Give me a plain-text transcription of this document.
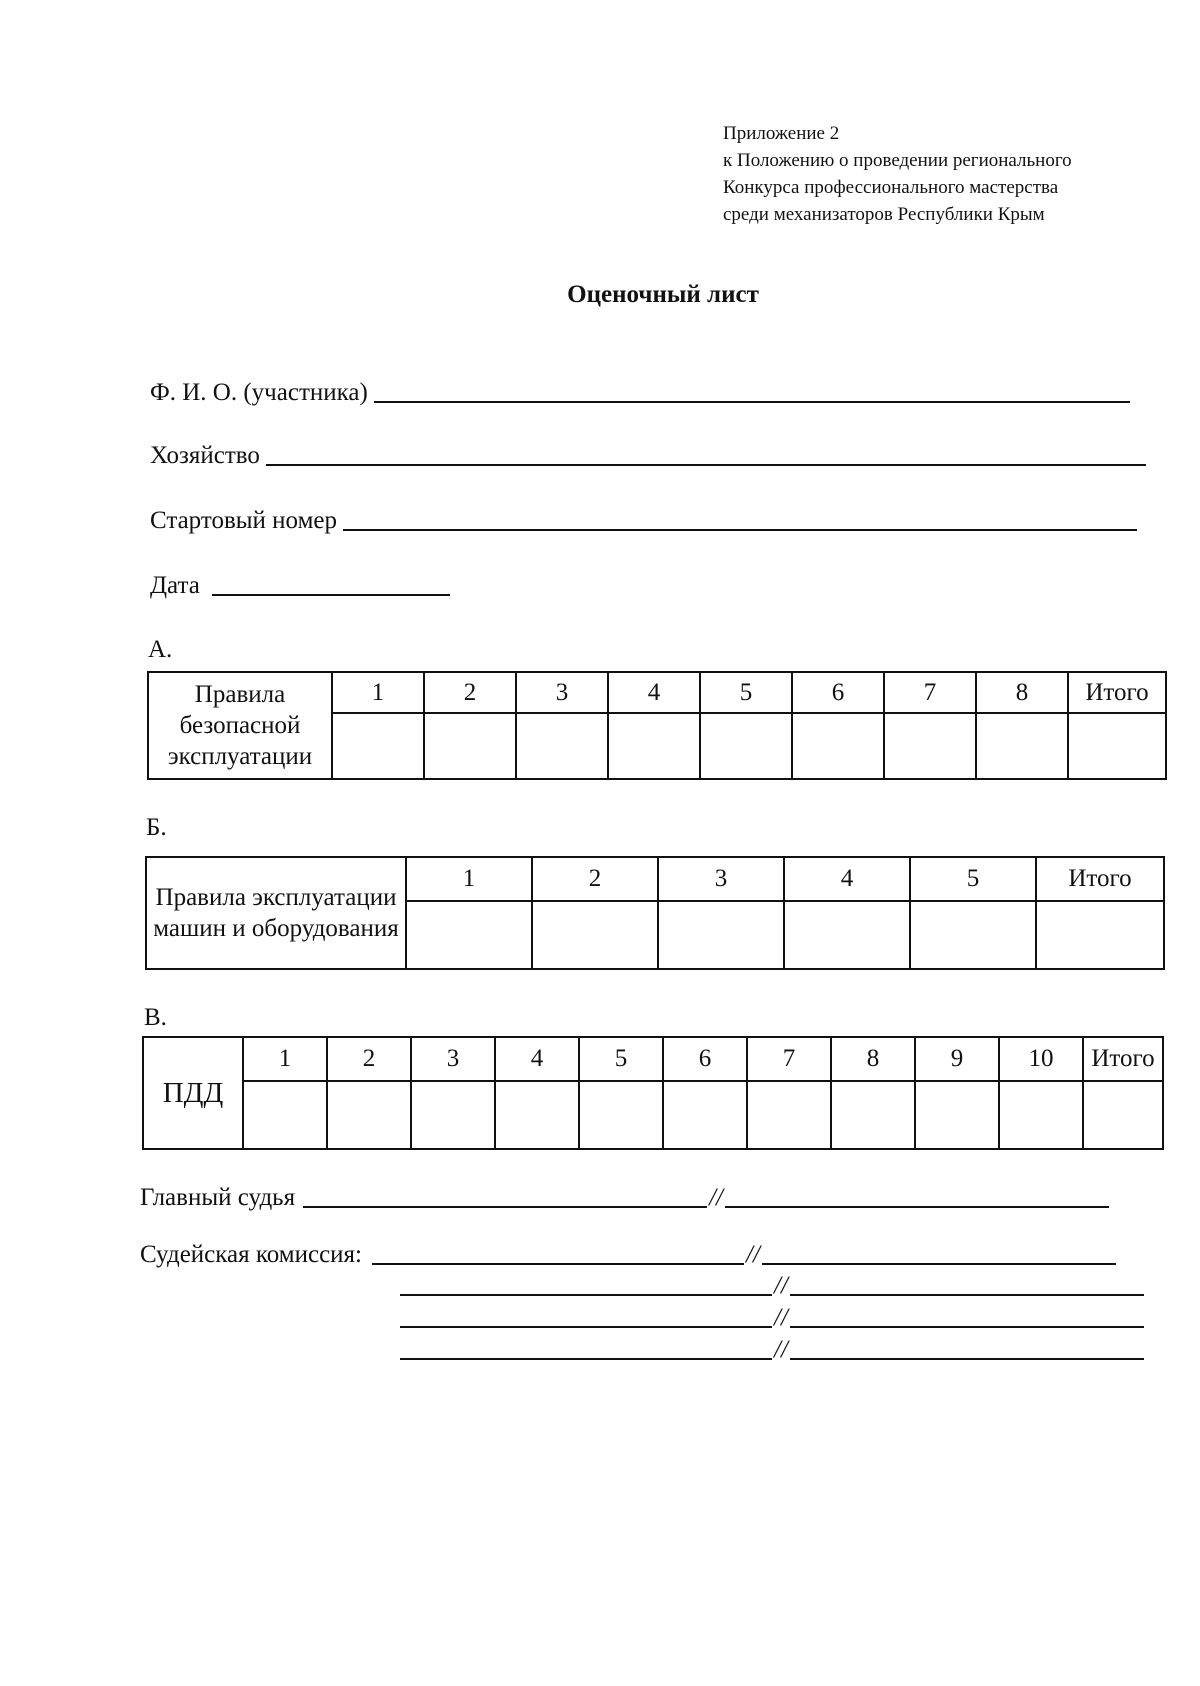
Приложение 2
к Положению о проведении регионального
Конкурса профессионального мастерства
среди механизаторов Республики Крым
Оценочный лист
Ф. И. О. (участника)
Хозяйство
Стартовый номер
Дата
А.
Правила безопасной эксплуатации	1	2	3	4	5	6	7	8	Итого

Б.
Правила эксплуатации машин и оборудования	1	2	3	4	5	Итого

В.
ПДД	1	2	3	4	5	6	7	8	9	10	Итого

Главный судья	//
Судейская комиссия:	//
//
//
//
